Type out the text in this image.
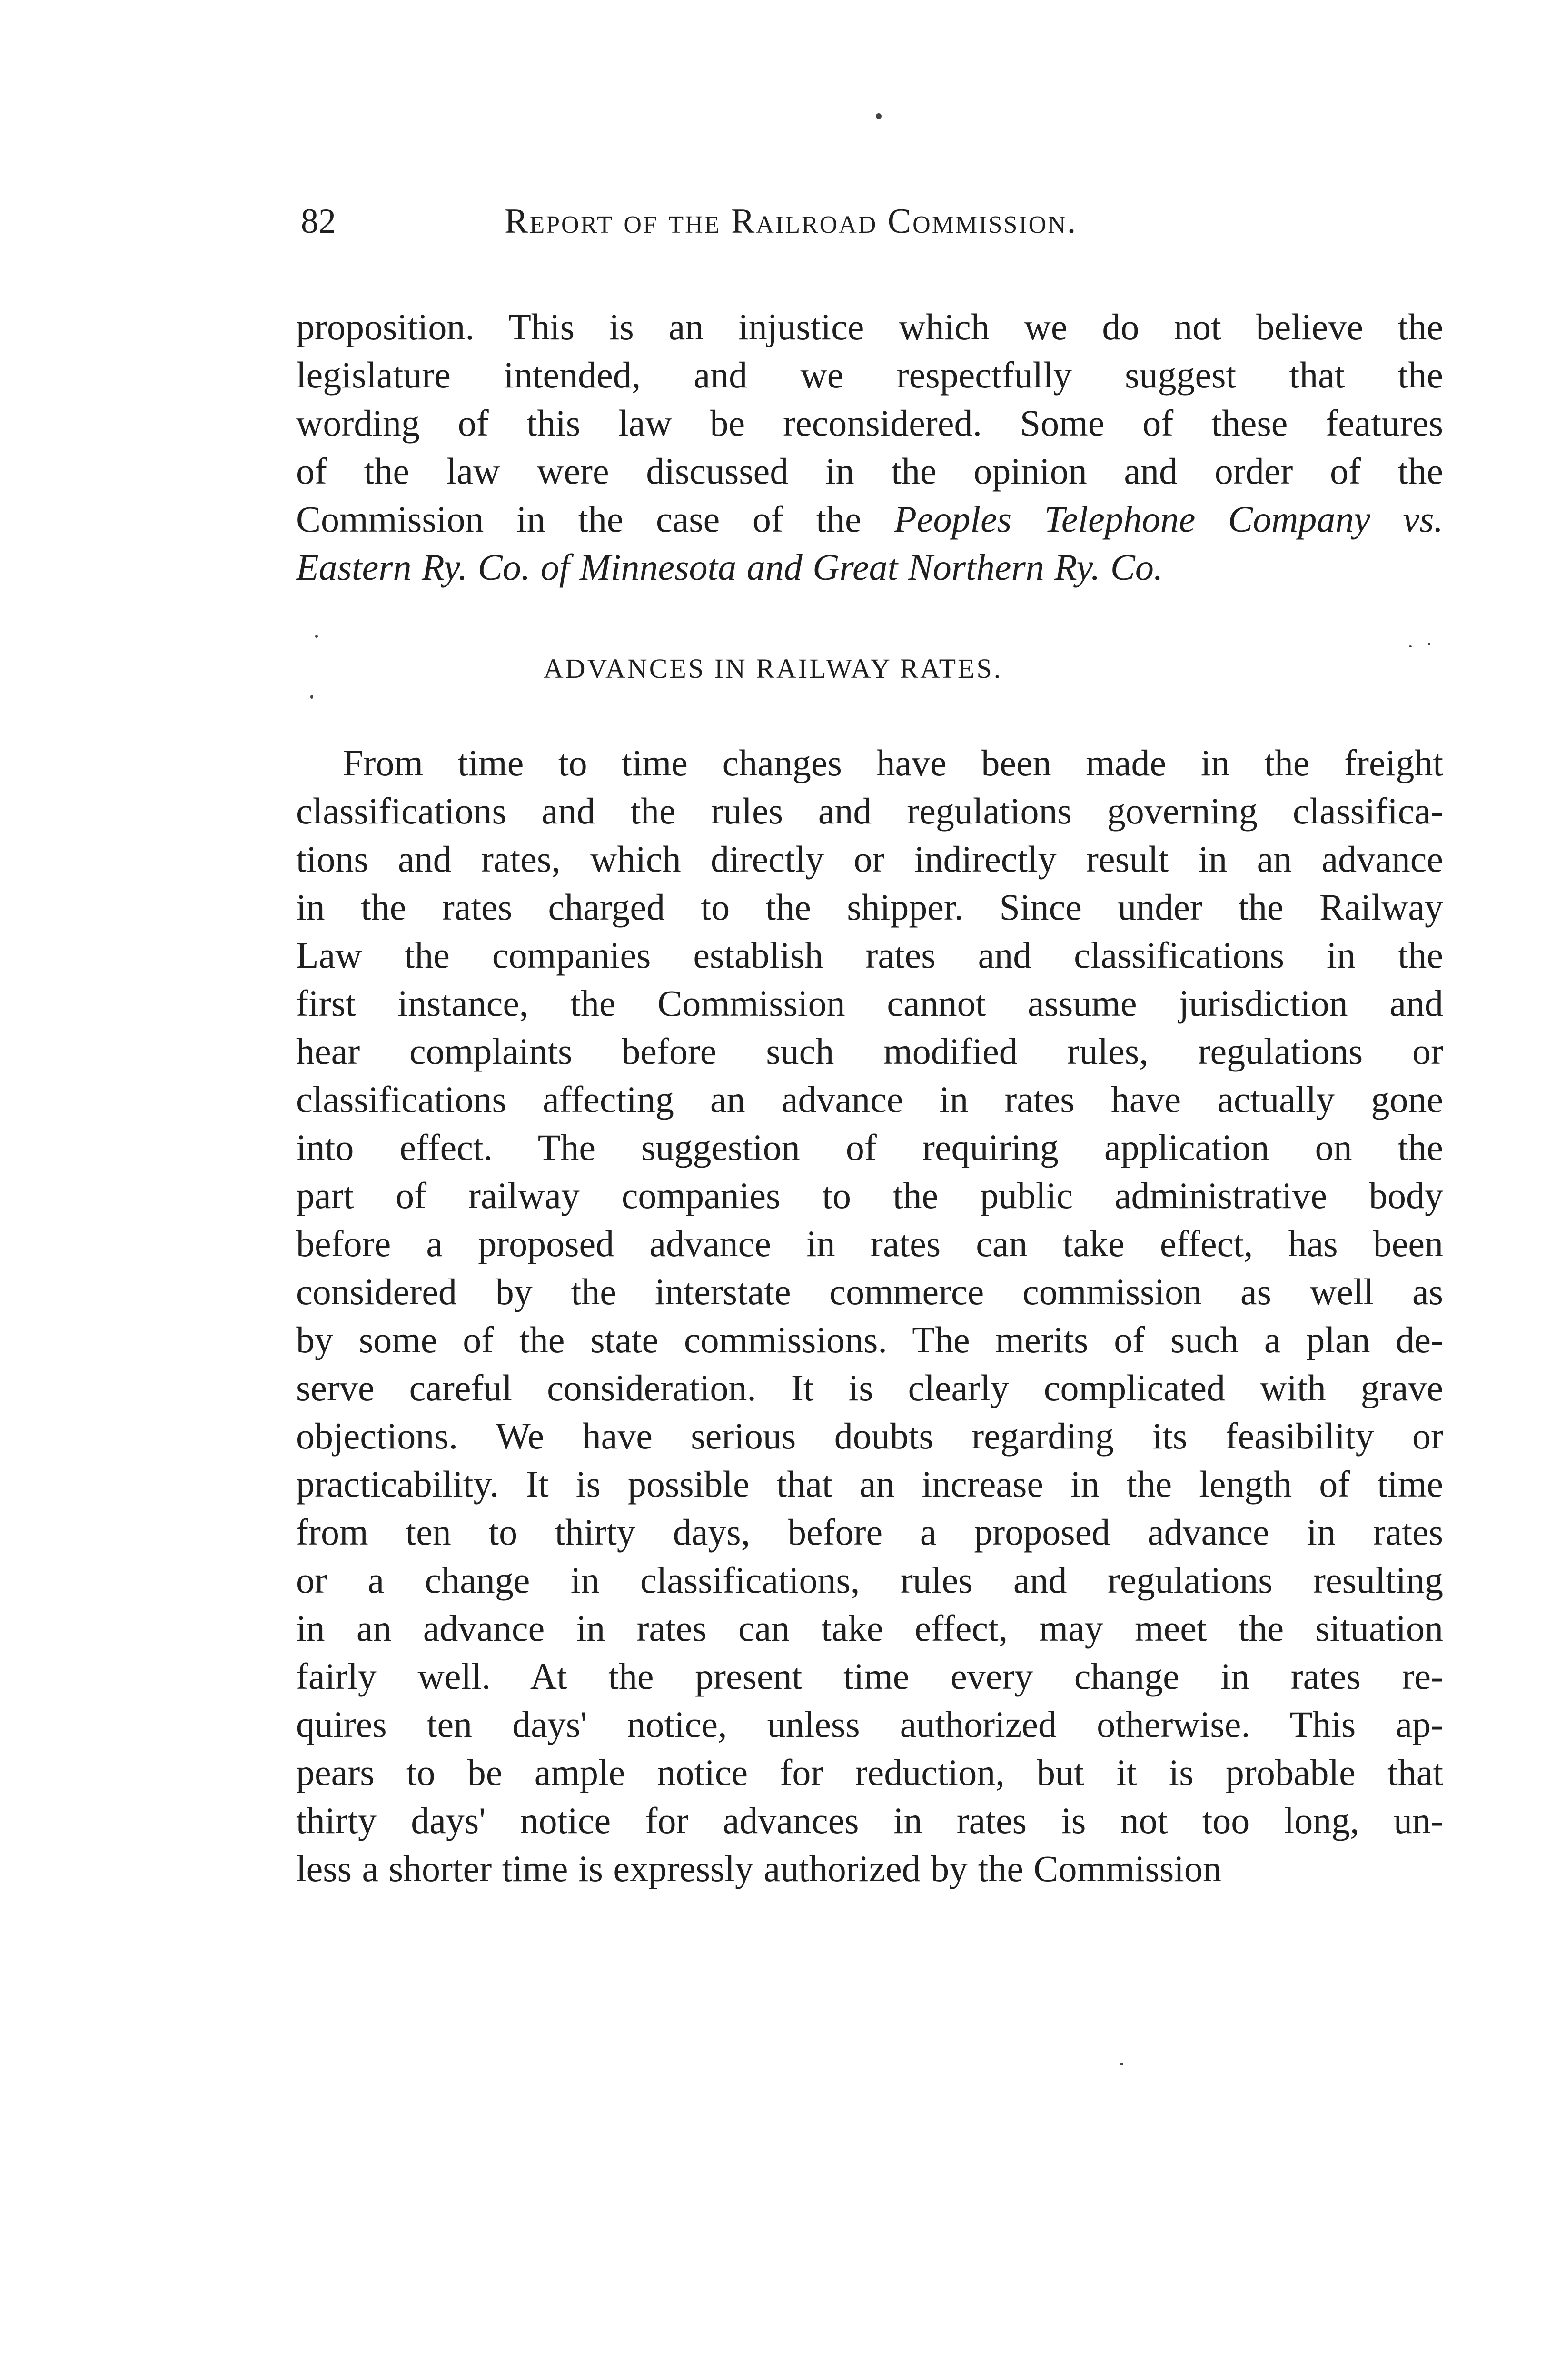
82	Report of the Railroad Commission.
proposition. This is an injustice which we do not believe the
legislature intended, and we respectfully suggest that the
wording of this law be reconsidered. Some of these features
of the law were discussed in the opinion and order of the
Commission in the case of the Peoples Telephone Company vs.
Eastern Ry. Co. of Minnesota and Great Northern Ry. Co.
ADVANCES IN RAILWAY RATES.
From time to time changes have been made in the freight
classifications and the rules and regulations governing classifica-
tions and rates, which directly or indirectly result in an advance
in the rates charged to the shipper. Since under the Railway
Law the companies establish rates and classifications in the
first instance, the Commission cannot assume jurisdiction and
hear complaints before such modified rules, regulations or
classifications affecting an advance in rates have actually gone
into effect. The suggestion of requiring application on the
part of railway companies to the public administrative body
before a proposed advance in rates can take effect, has been
considered by the interstate commerce commission as well as
by some of the state commissions. The merits of such a plan de-
serve careful consideration. It is clearly complicated with grave
objections. We have serious doubts regarding its feasibility or
practicability. It is possible that an increase in the length of time
from ten to thirty days, before a proposed advance in rates
or a change in classifications, rules and regulations resulting
in an advance in rates can take effect, may meet the situation
fairly well. At the present time every change in rates re-
quires ten days' notice, unless authorized otherwise. This ap-
pears to be ample notice for reduction, but it is probable that
thirty days' notice for advances in rates is not too long, un-
less a shorter time is expressly authorized by the Commission
